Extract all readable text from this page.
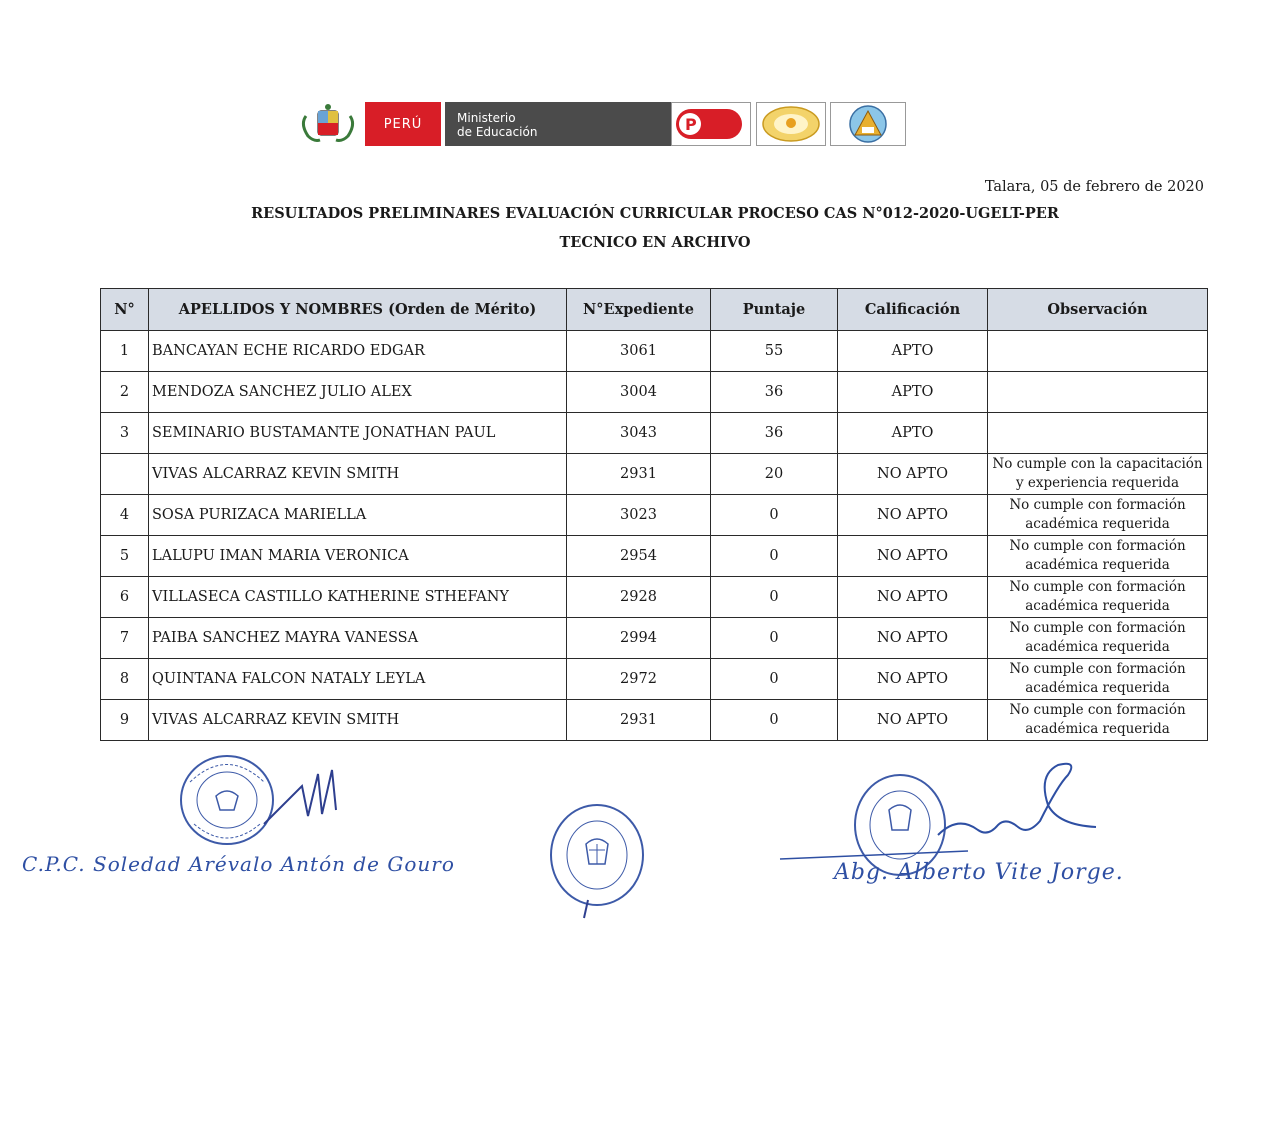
PERÚ	Ministerio
de Educación	P
Talara, 05 de febrero de 2020
RESULTADOS PRELIMINARES EVALUACIÓN CURRICULAR PROCESO CAS N°012-2020-UGELT-PER
TECNICO EN ARCHIVO
N°	APELLIDOS Y NOMBRES (Orden de Mérito)	N°Expediente	Puntaje	Calificación	Observación
1	BANCAYAN ECHE RICARDO EDGAR	3061	55	APTO	
2	MENDOZA SANCHEZ JULIO ALEX	3004	36	APTO	
3	SEMINARIO BUSTAMANTE JONATHAN PAUL	3043	36	APTO	
	VIVAS ALCARRAZ KEVIN SMITH	2931	20	NO APTO	No cumple con la capacitación y experiencia requerida
4	SOSA PURIZACA MARIELLA	3023	0	NO APTO	No cumple con formación académica requerida
5	LALUPU IMAN MARIA VERONICA	2954	0	NO APTO	No cumple con formación académica requerida
6	VILLASECA CASTILLO KATHERINE STHEFANY	2928	0	NO APTO	No cumple con formación académica requerida
7	PAIBA SANCHEZ MAYRA VANESSA	2994	0	NO APTO	No cumple con formación académica requerida
8	QUINTANA FALCON NATALY LEYLA	2972	0	NO APTO	No cumple con formación académica requerida
9	VIVAS ALCARRAZ KEVIN SMITH	2931	0	NO APTO	No cumple con formación académica requerida
C.P.C. Soledad Arévalo Antón de Gouro	Abg. Alberto Vite Jorge.
